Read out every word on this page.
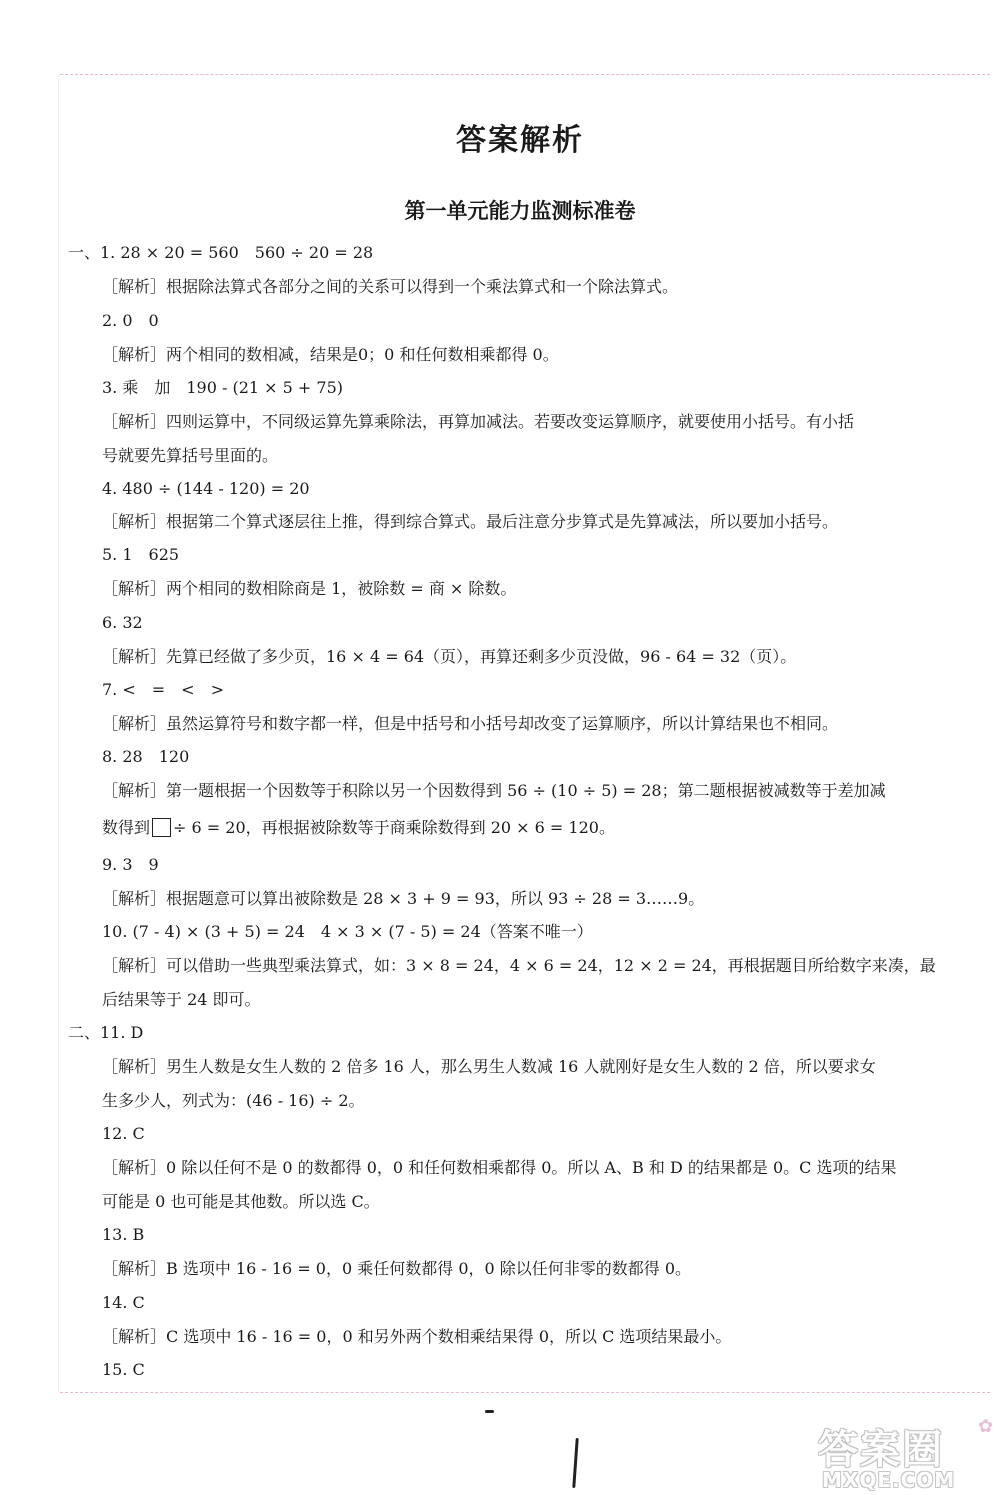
答案解析
第一单元能力监测标准卷
一、1. 28 × 20 = 560　560 ÷ 20 = 28
［解析］根据除法算式各部分之间的关系可以得到一个乘法算式和一个除法算式。
2. 0　0
［解析］两个相同的数相减，结果是0；0 和任何数相乘都得 0。
3. 乘　加　190 - (21 × 5 + 75)
［解析］四则运算中，不同级运算先算乘除法，再算加减法。若要改变运算顺序，就要使用小括号。有小括
号就要先算括号里面的。
4. 480 ÷ (144 - 120) = 20
［解析］根据第二个算式逐层往上推，得到综合算式。最后注意分步算式是先算减法，所以要加小括号。
5. 1　625
［解析］两个相同的数相除商是 1，被除数 = 商 × 除数。
6. 32
［解析］先算已经做了多少页，16 × 4 = 64（页），再算还剩多少页没做，96 - 64 = 32（页）。
7. <　=　<　>
［解析］虽然运算符号和数字都一样，但是中括号和小括号却改变了运算顺序，所以计算结果也不相同。
8. 28　120
［解析］第一题根据一个因数等于积除以另一个因数得到 56 ÷ (10 ÷ 5) = 28；第二题根据被减数等于差加减
数得到 ÷ 6 = 20，再根据被除数等于商乘除数得到 20 × 6 = 120。
9. 3　9
［解析］根据题意可以算出被除数是 28 × 3 + 9 = 93，所以 93 ÷ 28 = 3……9。
10. (7 - 4) × (3 + 5) = 24　4 × 3 × (7 - 5) = 24（答案不唯一）
［解析］可以借助一些典型乘法算式，如：3 × 8 = 24，4 × 6 = 24，12 × 2 = 24，再根据题目所给数字来凑，最
后结果等于 24 即可。
二、11. D
［解析］男生人数是女生人数的 2 倍多 16 人，那么男生人数减 16 人就刚好是女生人数的 2 倍，所以要求女
生多少人，列式为：(46 - 16) ÷ 2。
12. C
［解析］0 除以任何不是 0 的数都得 0，0 和任何数相乘都得 0。所以 A、B 和 D 的结果都是 0。C 选项的结果
可能是 0 也可能是其他数。所以选 C。
13. B
［解析］B 选项中 16 - 16 = 0，0 乘任何数都得 0，0 除以任何非零的数都得 0。
14. C
［解析］C 选项中 16 - 16 = 0，0 和另外两个数相乘结果得 0，所以 C 选项结果最小。
15. C
答案圈
✿
MXQE.COM
